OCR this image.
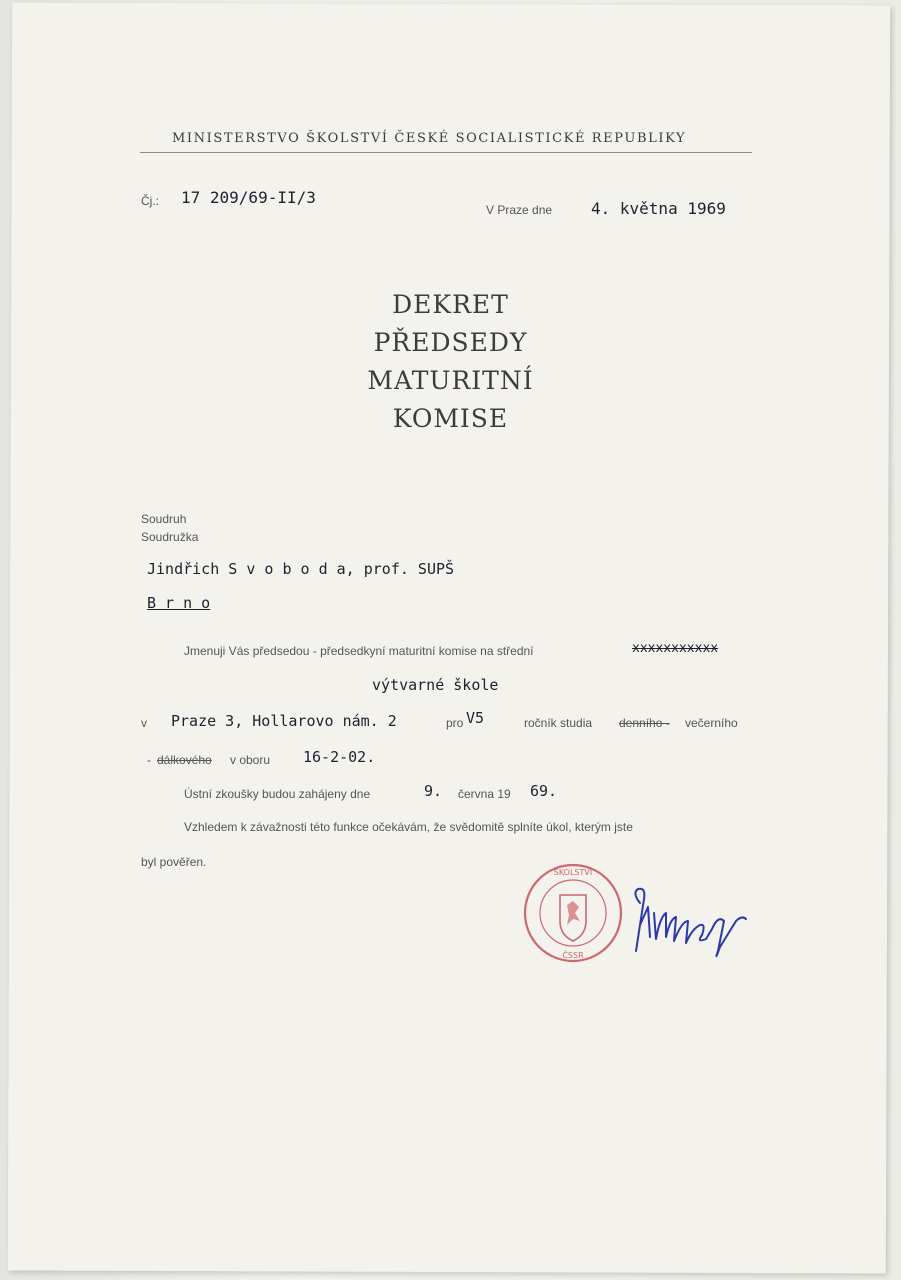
MINISTERSTVO ŠKOLSTVÍ ČESKÉ SOCIALISTICKÉ REPUBLIKY
Čj.: 17 209/69-II/3
V Praze dne 4. května 1969
DEKRET
PŘEDSEDY
MATURITNÍ
KOMISE
Soudruh
Soudružka
Jindřich S v o b o d a, prof. SUPŠ
B r n o
Jmenuji Vás předsedou - předsedkyní maturitní komise na střední	xxxxxxxxxxx
výtvarné škole
v Praze 3, Hollarovo nám. 2	pro V5	ročník studia denního - večerního
- dálkového v oboru 16-2-02.
Ústní zkoušky budou zahájeny dne	9. června 19 69.
Vzhledem k závažnosti této funkce očekávám, že svědomitě splníte úkol, kterým jste
byl pověřen.
ŠKOLSTVÍ
ČSSR
